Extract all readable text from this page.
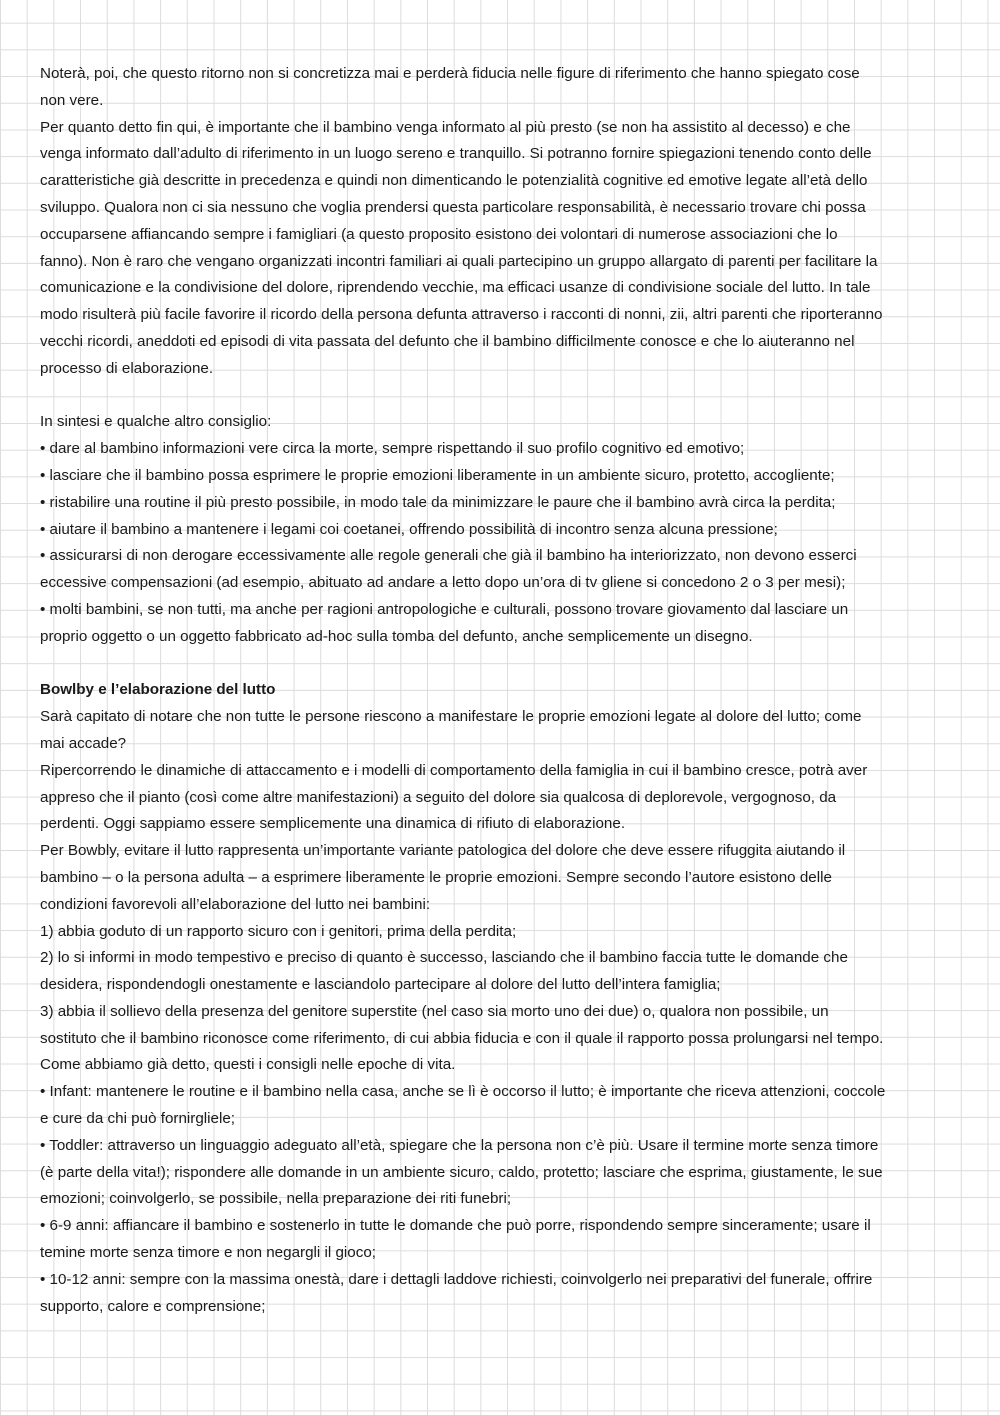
Noterà, poi, che questo ritorno non si concretizza mai e perderà fiducia nelle figure di riferimento che hanno spiegato cose
non vere.
Per quanto detto fin qui, è importante che il bambino venga informato al più presto (se non ha assistito al decesso) e che
venga informato dall’adulto di riferimento in un luogo sereno e tranquillo. Si potranno fornire spiegazioni tenendo conto delle
caratteristiche già descritte in precedenza e quindi non dimenticando le potenzialità cognitive ed emotive legate all’età dello
sviluppo. Qualora non ci sia nessuno che voglia prendersi questa particolare responsabilità, è necessario trovare chi possa
occuparsene affiancando sempre i famigliari (a questo proposito esistono dei volontari di numerose associazioni che lo
fanno). Non è raro che vengano organizzati incontri familiari ai quali partecipino un gruppo allargato di parenti per facilitare la
comunicazione e la condivisione del dolore, riprendendo vecchie, ma efficaci usanze di condivisione sociale del lutto. In tale
modo risulterà più facile favorire il ricordo della persona defunta attraverso i racconti di nonni, zii, altri parenti che riporteranno
vecchi ricordi, aneddoti ed episodi di vita passata del defunto che il bambino difficilmente conosce e che lo aiuteranno nel
processo di elaborazione.
In sintesi e qualche altro consiglio:
• dare al bambino informazioni vere circa la morte, sempre rispettando il suo profilo cognitivo ed emotivo;
• lasciare che il bambino possa esprimere le proprie emozioni liberamente in un ambiente sicuro, protetto, accogliente;
• ristabilire una routine il più presto possibile, in modo tale da minimizzare le paure che il bambino avrà circa la perdita;
• aiutare il bambino a mantenere i legami coi coetanei, offrendo possibilità di incontro senza alcuna pressione;
• assicurarsi di non derogare eccessivamente alle regole generali che già il bambino ha interiorizzato, non devono esserci
eccessive compensazioni (ad esempio, abituato ad andare a letto dopo un’ora di tv gliene si concedono 2 o 3 per mesi);
• molti bambini, se non tutti, ma anche per ragioni antropologiche e culturali, possono trovare giovamento dal lasciare un
proprio oggetto o un oggetto fabbricato ad-hoc sulla tomba del defunto, anche semplicemente un disegno.
Bowlby e l’elaborazione del lutto
Sarà capitato di notare che non tutte le persone riescono a manifestare le proprie emozioni legate al dolore del lutto; come
mai accade?
Ripercorrendo le dinamiche di attaccamento e i modelli di comportamento della famiglia in cui il bambino cresce, potrà aver
appreso che il pianto (così come altre manifestazioni) a seguito del dolore sia qualcosa di deplorevole, vergognoso, da
perdenti. Oggi sappiamo essere semplicemente una dinamica di rifiuto di elaborazione.
Per Bowbly, evitare il lutto rappresenta un’importante variante patologica del dolore che deve essere rifuggita aiutando il
bambino – o la persona adulta – a esprimere liberamente le proprie emozioni. Sempre secondo l’autore esistono delle
condizioni favorevoli all’elaborazione del lutto nei bambini:
1) abbia goduto di un rapporto sicuro con i genitori, prima della perdita;
2) lo si informi in modo tempestivo e preciso di quanto è successo, lasciando che il bambino faccia tutte le domande che
desidera, rispondendogli onestamente e lasciandolo partecipare al dolore del lutto dell’intera famiglia;
3) abbia il sollievo della presenza del genitore superstite (nel caso sia morto uno dei due) o, qualora non possibile, un
sostituto che il bambino riconosce come riferimento, di cui abbia fiducia e con il quale il rapporto possa prolungarsi nel tempo.
Come abbiamo già detto, questi i consigli nelle epoche di vita.
• Infant: mantenere le routine e il bambino nella casa, anche se lì è occorso il lutto; è importante che riceva attenzioni, coccole
e cure da chi può fornirgliele;
• Toddler: attraverso un linguaggio adeguato all’età, spiegare che la persona non c’è più. Usare il termine morte senza timore
(è parte della vita!); rispondere alle domande in un ambiente sicuro, caldo, protetto; lasciare che esprima, giustamente, le sue
emozioni; coinvolgerlo, se possibile, nella preparazione dei riti funebri;
• 6-9 anni: affiancare il bambino e sostenerlo in tutte le domande che può porre, rispondendo sempre sinceramente; usare il
temine morte senza timore e non negargli il gioco;
• 10-12 anni: sempre con la massima onestà, dare i dettagli laddove richiesti, coinvolgerlo nei preparativi del funerale, offrire
supporto, calore e comprensione;
